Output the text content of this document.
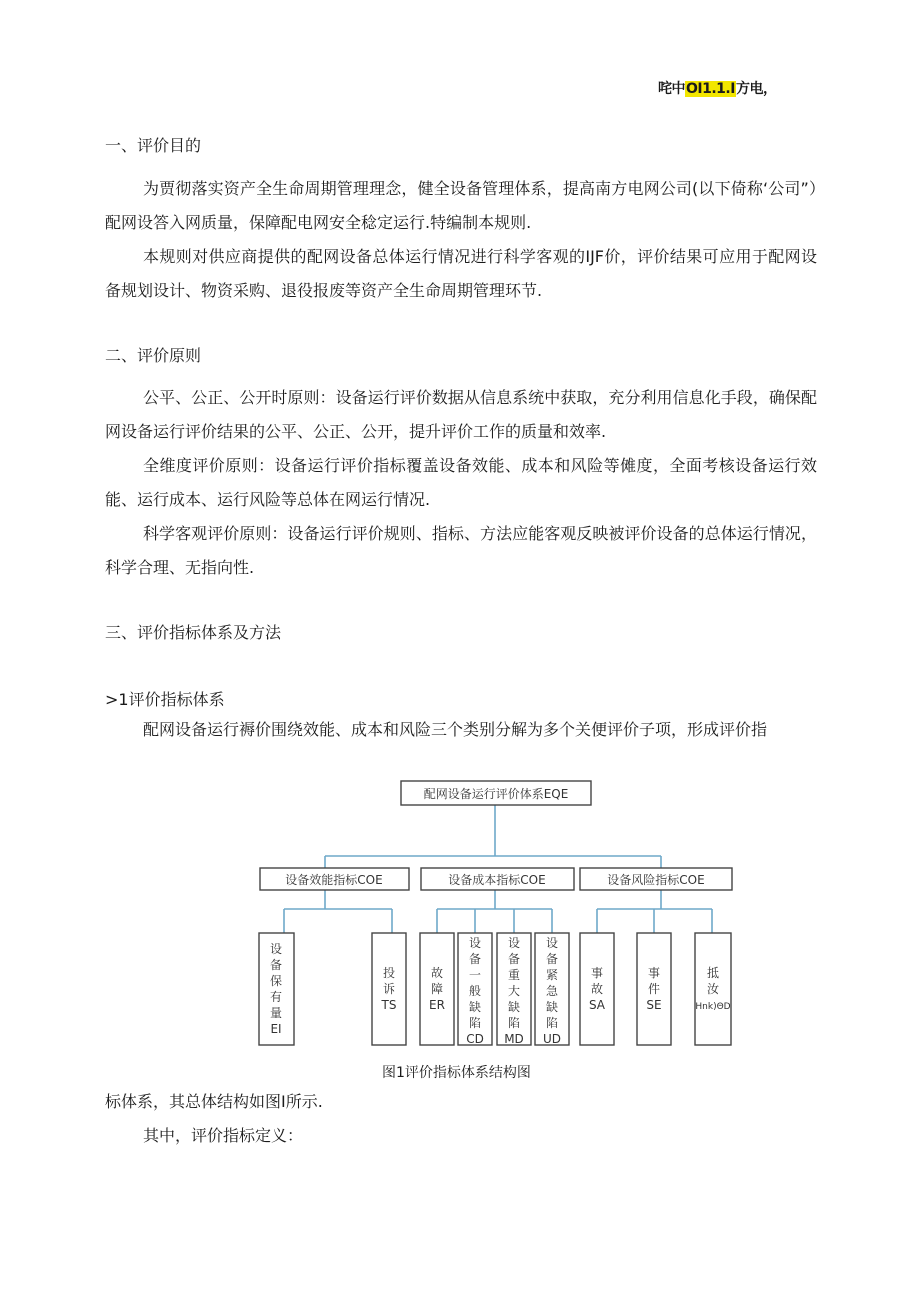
咤中OI1.1.I方电，
一、评价目的

为贾彻落实资产全生命周期管理理念，健全设备管理体系，提高南方电网公司(以下倚称‘公司”）配网设答入网质量，保障配电网安全稔定运行.特编制本规则.

本规则对供应商提供的配网设备总体运行情况进行科学客观的IJF价，评价结果可应用于配网设备规划设计、物资采购、退役报废等资产全生命周期管理环节.

二、评价原则

公平、公正、公开时原则：设备运行评价数据从信息系统中获取，充分利用信息化手段，确保配网设备运行评价结果的公平、公正、公开，提升评价工作的质量和效率.

全维度评价原则：设备运行评价指标覆盖设备效能、成本和风险等傩度，全面考核设备运行效能、运行成本、运行风险等总体在网运行情况.

科学客观评价原则：设备运行评价规则、指标、方法应能客观反映被评价设备的总体运行情况，科学合理、无指向性.

三、评价指标体系及方法
>1评价指标体系

配网设备运行褥价围绕效能、成本和风险三个类别分解为多个关便评价子项，形成评价指

配网设备运行评价体系EQE
设备效能指标COE	设备成本指标COE	设备风险指标COE
设备保有量 EI
投诉 TS
故障 ER
设备一般缺陷 CD
设备重大缺陷 MD
设备紧急缺陷 UD
事故 SA
事件 SE
抵汝 Hnk)ΘD

图1评价指标体系结构图

标体系，其总体结构如图I所示.

其中，评价指标定义：
